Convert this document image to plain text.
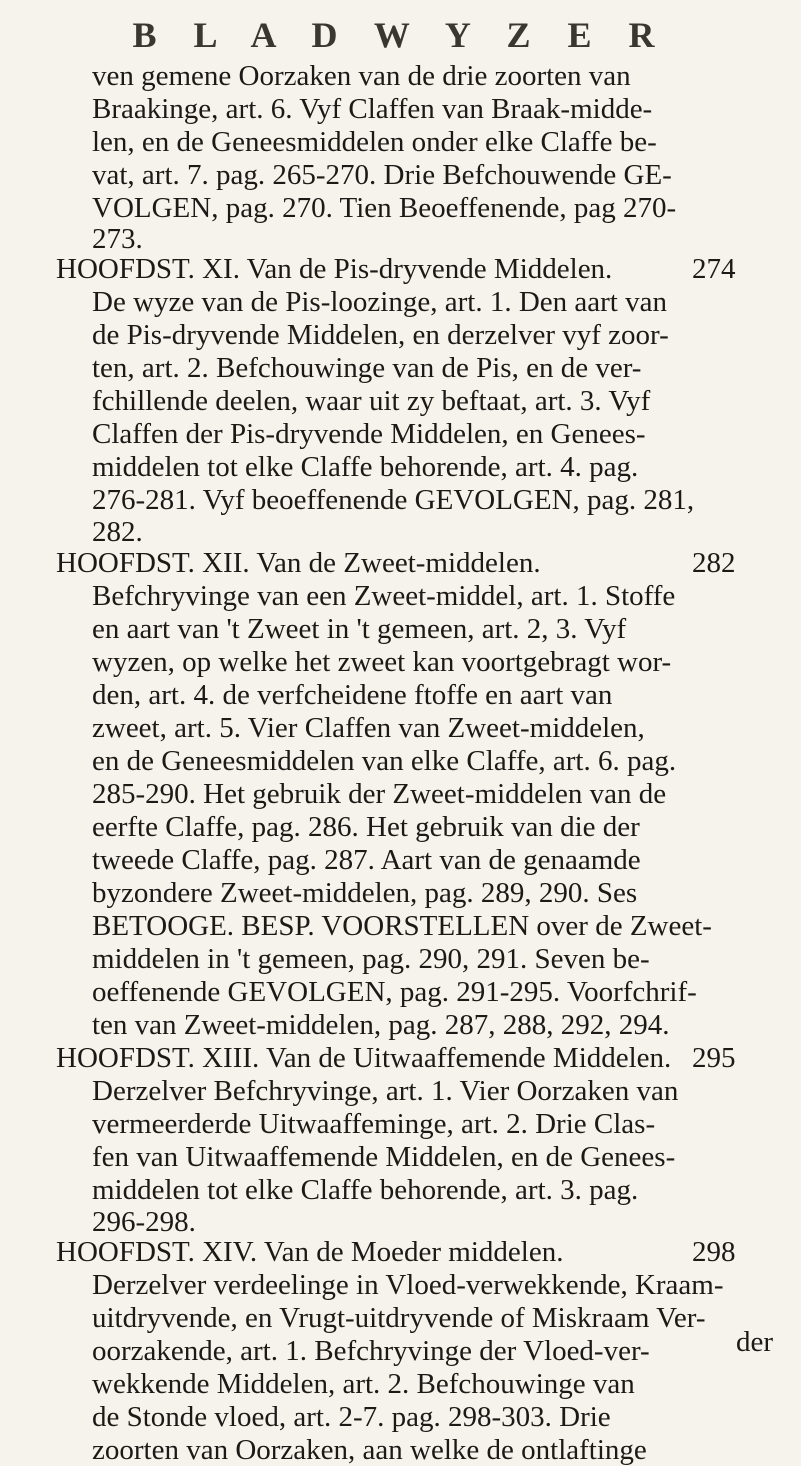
B L A D W Y Z E R
ven gemene Oorzaken van de drie zoorten van
Braakinge, art. 6. Vyf Claffen van Braak-midde-
len, en de Geneesmiddelen onder elke Claffe be-
vat, art. 7. pag. 265-270. Drie Befchouwende GE-
VOLGEN, pag. 270. Tien Beoeffenende, pag 270-
273.
HOOFDST. XI. Van de Pis-dryvende Middelen.	274
De wyze van de Pis-loozinge, art. 1. Den aart van
de Pis-dryvende Middelen, en derzelver vyf zoor-
ten, art. 2. Befchouwinge van de Pis, en de ver-
fchillende deelen, waar uit zy beftaat, art. 3. Vyf
Claffen der Pis-dryvende Middelen, en Genees-
middelen tot elke Claffe behorende, art. 4. pag.
276-281. Vyf beoeffenende GEVOLGEN, pag. 281,
282.
HOOFDST. XII. Van de Zweet-middelen.	282
Befchryvinge van een Zweet-middel, art. 1. Stoffe
en aart van 't Zweet in 't gemeen, art. 2, 3. Vyf
wyzen, op welke het zweet kan voortgebragt wor-
den, art. 4. de verfcheidene ftoffe en aart van
zweet, art. 5. Vier Claffen van Zweet-middelen,
en de Geneesmiddelen van elke Claffe, art. 6. pag.
285-290. Het gebruik der Zweet-middelen van de
eerfte Claffe, pag. 286. Het gebruik van die der
tweede Claffe, pag. 287. Aart van de genaamde
byzondere Zweet-middelen, pag. 289, 290. Ses
BETOOGE. BESP. VOORSTELLEN over de Zweet-
middelen in 't gemeen, pag. 290, 291. Seven be-
oeffenende GEVOLGEN, pag. 291-295. Voorfchrif-
ten van Zweet-middelen, pag. 287, 288, 292, 294.
HOOFDST. XIII. Van de Uitwaaffemende Middelen. 295
Derzelver Befchryvinge, art. 1. Vier Oorzaken van
vermeerderde Uitwaaffeminge, art. 2. Drie Clas-
fen van Uitwaaffemende Middelen, en de Genees-
middelen tot elke Claffe behorende, art. 3. pag.
296-298.
HOOFDST. XIV. Van de Moeder middelen.	298
Derzelver verdeelinge in Vloed-verwekkende, Kraam-
uitdryvende, en Vrugt-uitdryvende of Miskraam Ver-
oorzakende, art. 1. Befchryvinge der Vloed-ver-
wekkende Middelen, art. 2. Befchouwinge van
de Stonde vloed, art. 2-7. pag. 298-303. Drie
zoorten van Oorzaken, aan welke de ontlaftinge
der
